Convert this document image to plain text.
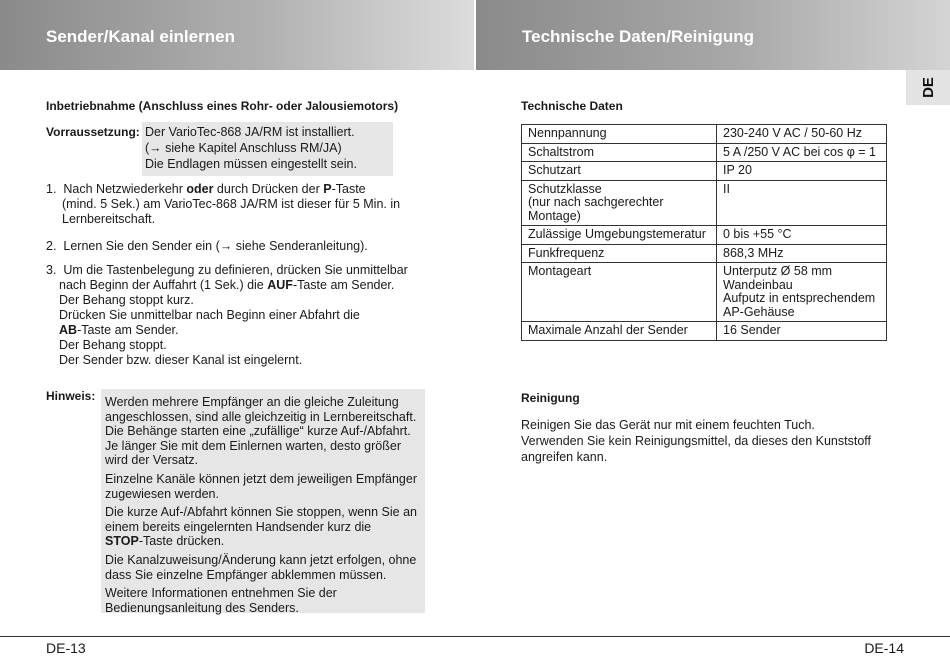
Sender/Kanal einlernen	Technische Daten/Reinigung
DE
Inbetriebnahme (Anschluss eines Rohr- oder Jalousiemotors)
Vorraussetzung: Der VarioTec-868 JA/RM ist installiert.
(→ siehe Kapitel Anschluss RM/JA)
Die Endlagen müssen eingestellt sein.
1. Nach Netzwiederkehr oder durch Drücken der P-Taste
(mind. 5 Sek.) am VarioTec-868 JA/RM ist dieser für 5 Min. in
Lernbereitschaft.
2. Lernen Sie den Sender ein (→ siehe Senderanleitung).
3. Um die Tastenbelegung zu definieren, drücken Sie unmittelbar
nach Beginn der Auffahrt (1 Sek.) die AUF-Taste am Sender.
Der Behang stoppt kurz.
Drücken Sie unmittelbar nach Beginn einer Abfahrt die
AB-Taste am Sender.
Der Behang stoppt.
Der Sender bzw. dieser Kanal ist eingelernt.
Hinweis: Werden mehrere Empfänger an die gleiche Zuleitung
angeschlossen, sind alle gleichzeitig in Lernbereitschaft.
Die Behänge starten eine „zufällige“ kurze Auf-/Abfahrt.
Je länger Sie mit dem Einlernen warten, desto größer
wird der Versatz.

Einzelne Kanäle können jetzt dem jeweiligen Empfänger
zugewiesen werden.

Die kurze Auf-/Abfahrt können Sie stoppen, wenn Sie an
einem bereits eingelernten Handsender kurz die
STOP-Taste drücken.

Die Kanalzuweisung/Änderung kann jetzt erfolgen, ohne
dass Sie einzelne Empfänger abklemmen müssen.

Weitere Informationen entnehmen Sie der
Bedienungsanleitung des Senders.

Technische Daten
Nennpannung	230-240 V AC / 50-60 Hz

Schaltstrom	5 A /250 V AC bei cos φ = 1

Schutzart	IP 20

Schutzklasse
(nur nach sachgerechter
Montage)	II

Zulässige Umgebungstemeratur	0 bis +55 °C

Funkfrequenz	868,3 MHz

Montageart	Unterputz Ø 58 mm
Wandeinbau
Aufputz in entsprechendem
AP-Gehäuse

Maximale Anzahl der Sender	16 Sender
Reinigung
Reinigen Sie das Gerät nur mit einem feuchten Tuch.
Verwenden Sie kein Reinigungsmittel, da dieses den Kunststoff
angreifen kann.
DE-13	DE-14
